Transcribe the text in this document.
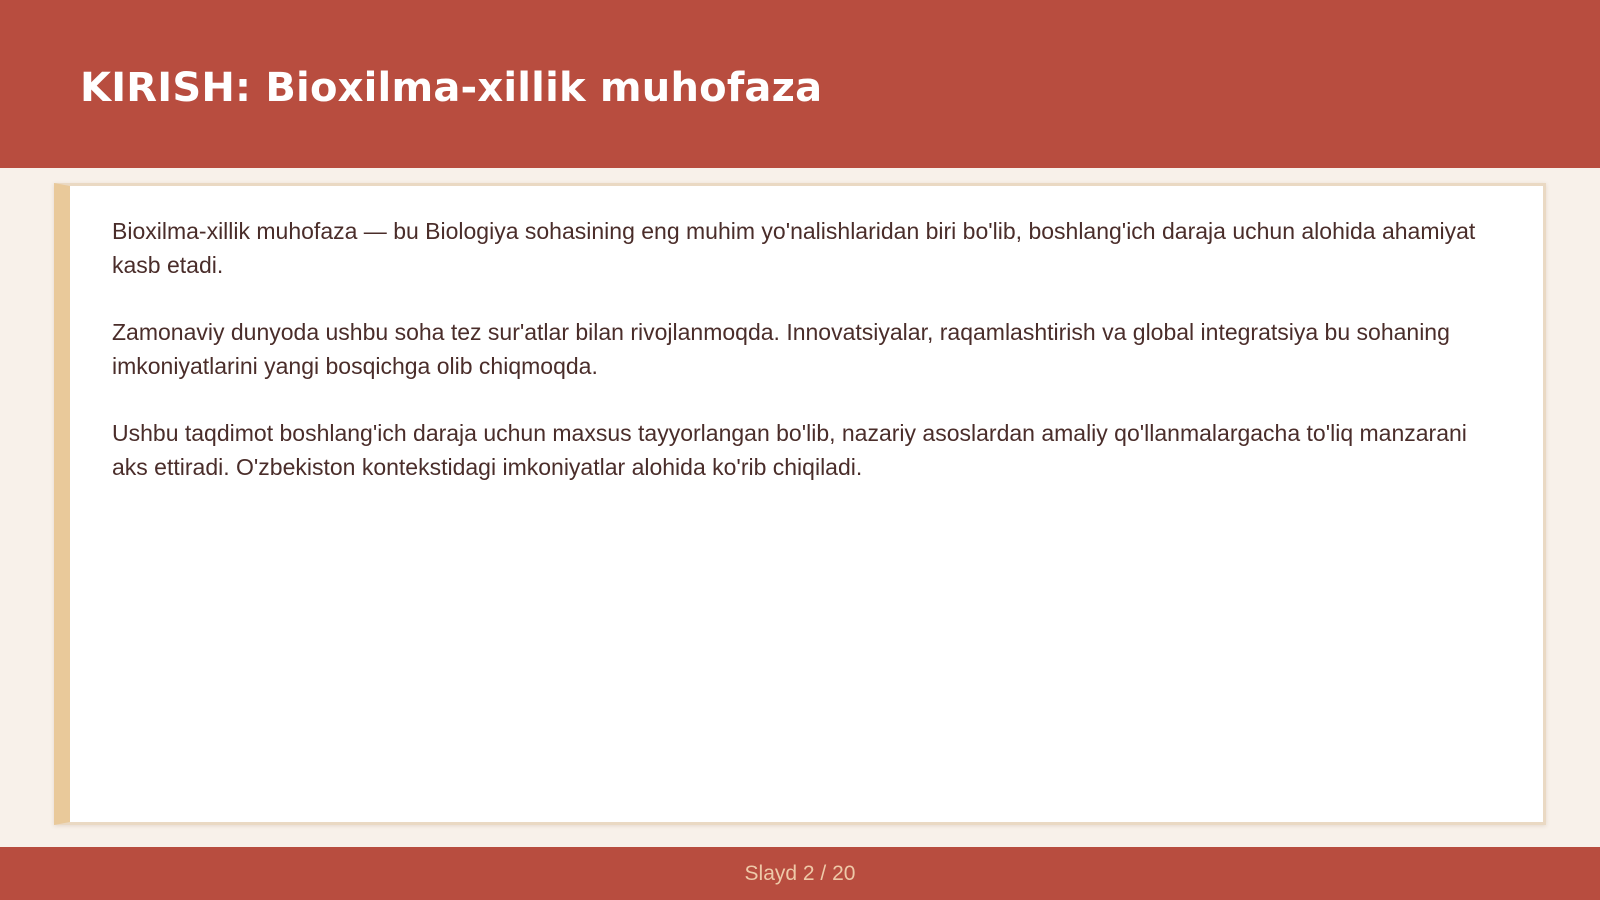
KIRISH: Bioxilma-xillik muhofaza

Bioxilma-xillik muhofaza — bu Biologiya sohasining eng muhim yo'nalishlaridan biri bo'lib, boshlang'ich daraja uchun alohida ahamiyat kasb etadi.

Zamonaviy dunyoda ushbu soha tez sur'atlar bilan rivojlanmoqda. Innovatsiyalar, raqamlashtirish va global integratsiya bu sohaning imkoniyatlarini yangi bosqichga olib chiqmoqda.

Ushbu taqdimot boshlang'ich daraja uchun maxsus tayyorlangan bo'lib, nazariy asoslardan amaliy qo'llanmalargacha to'liq manzarani aks ettiradi. O'zbekiston kontekstidagi imkoniyatlar alohida ko'rib chiqiladi.

Slayd 2 / 20
